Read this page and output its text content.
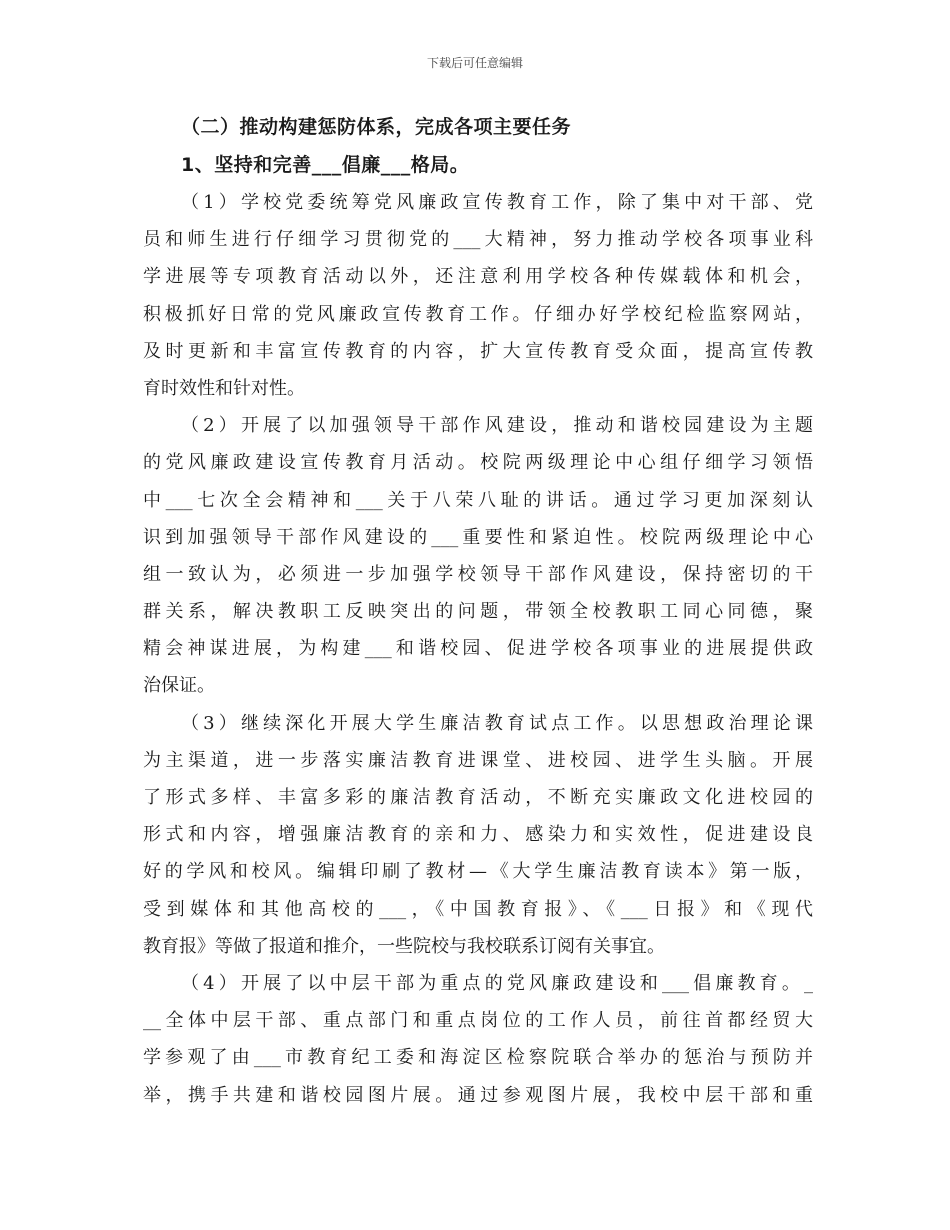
下载后可任意编辑
（二）推动构建惩防体系，完成各项主要任务
1、坚持和完善___倡廉___格局。
（1）学校党委统筹党风廉政宣传教育工作，除了集中对干部、党
员和师生进行仔细学习贯彻党的___大精神，努力推动学校各项事业科
学进展等专项教育活动以外，还注意利用学校各种传媒载体和机会，
积极抓好日常的党风廉政宣传教育工作。仔细办好学校纪检监察网站，
及时更新和丰富宣传教育的内容，扩大宣传教育受众面，提高宣传教
育时效性和针对性。
（2）开展了以加强领导干部作风建设，推动和谐校园建设为主题
的党风廉政建设宣传教育月活动。校院两级理论中心组仔细学习领悟
中___七次全会精神和___关于八荣八耻的讲话。通过学习更加深刻认
识到加强领导干部作风建设的___重要性和紧迫性。校院两级理论中心
组一致认为，必须进一步加强学校领导干部作风建设，保持密切的干
群关系，解决教职工反映突出的问题，带领全校教职工同心同德，聚
精会神谋进展，为构建___和谐校园、促进学校各项事业的进展提供政
治保证。
（3）继续深化开展大学生廉洁教育试点工作。以思想政治理论课
为主渠道，进一步落实廉洁教育进课堂、进校园、进学生头脑。开展
了形式多样、丰富多彩的廉洁教育活动，不断充实廉政文化进校园的
形式和内容，增强廉洁教育的亲和力、感染力和实效性，促进建设良
好的学风和校风。编辑印刷了教材—《大学生廉洁教育读本》第一版，
受到媒体和其他高校的___，《中国教育报》、《___日报》和《现代
教育报》等做了报道和推介，一些院校与我校联系订阅有关事宜。
（4）开展了以中层干部为重点的党风廉政建设和___倡廉教育。_
__全体中层干部、重点部门和重点岗位的工作人员，前往首都经贸大
学参观了由___市教育纪工委和海淀区检察院联合举办的惩治与预防并
举，携手共建和谐校园图片展。通过参观图片展，我校中层干部和重
